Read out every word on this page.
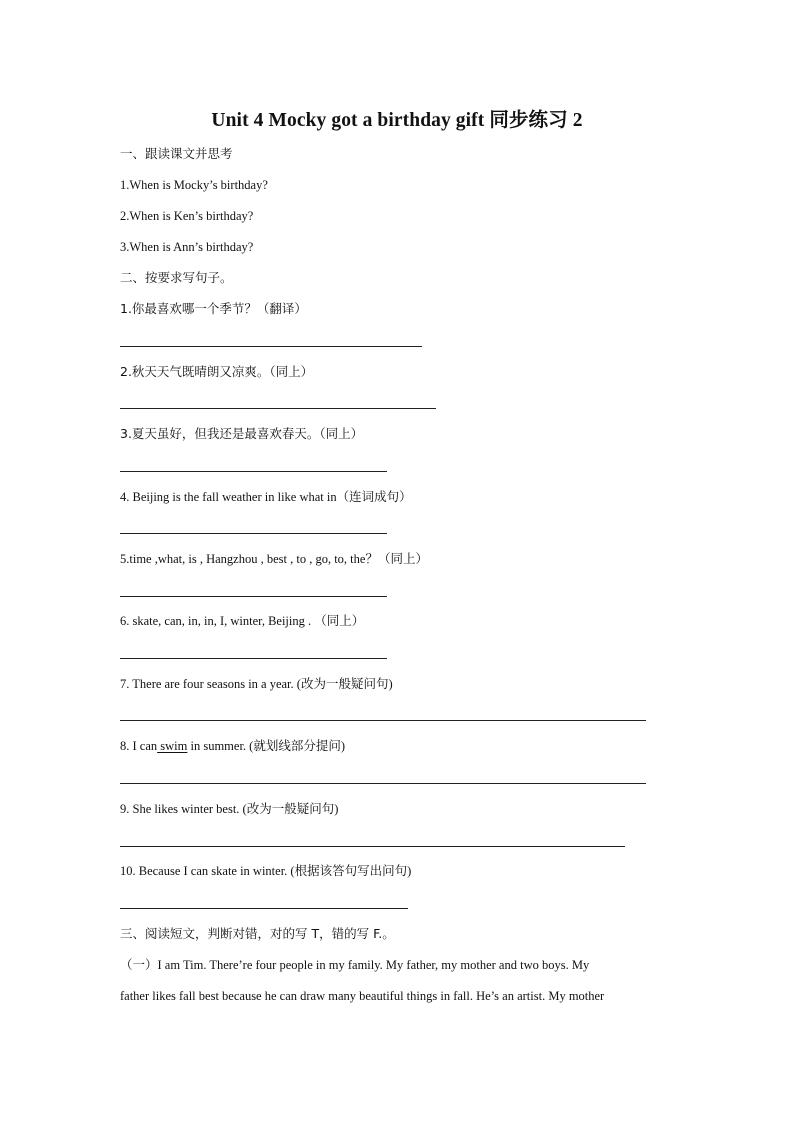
Unit 4 Mocky got a birthday gift 同步练习 2
一、跟读课文并思考
1.When is Mocky’s birthday?
2.When is Ken’s birthday?
3.When is Ann’s birthday?
二、按要求写句子。
1.你最喜欢哪一个季节？（翻译）
2.秋天天气既晴朗又凉爽。（同上）
3.夏天虽好，但我还是最喜欢春天。（同上）
4. Beijing is the fall weather in like what in（连词成句）
5.time ,what, is , Hangzhou , best , to , go, to, the？（同上）
6. skate, can, in, in, I, winter, Beijing . （同上）
7. There are four seasons in a year. (改为一般疑问句)
8. I can swim in summer. (就划线部分提问)
9. She likes winter best. (改为一般疑问句)
10. Because I can skate in winter. (根据该答句写出问句)
三、阅读短文，判断对错，对的写 T，错的写 F.。
（一）I am Tim. There’re four people in my family. My father, my mother and two boys. My
father likes fall best because he can draw many beautiful things in fall. He’s an artist. My mother
